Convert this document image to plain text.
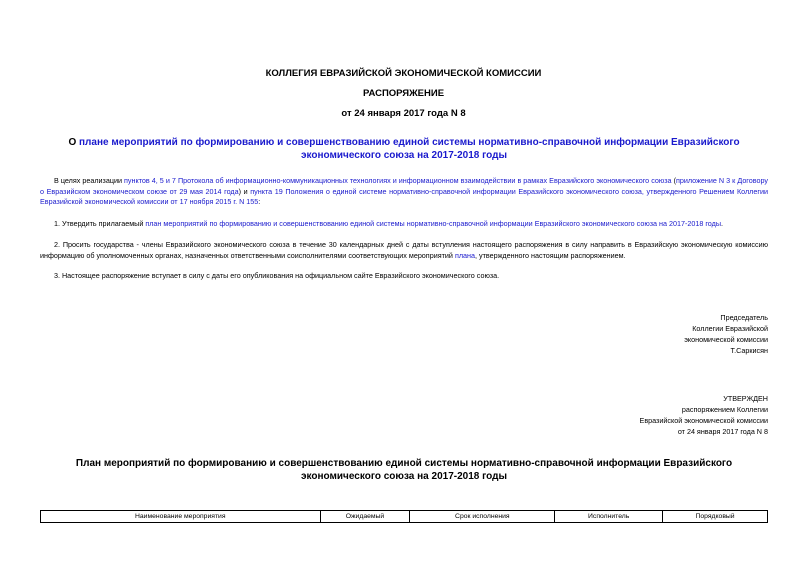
КОЛЛЕГИЯ ЕВРАЗИЙСКОЙ ЭКОНОМИЧЕСКОЙ КОМИССИИ
РАСПОРЯЖЕНИЕ
от 24 января 2017 года N 8
О плане мероприятий по формированию и совершенствованию единой системы нормативно-справочной информации Евразийского экономического союза на 2017-2018 годы
В целях реализации пунктов 4, 5 и 7 Протокола об информационно-коммуникационных технологиях и информационном взаимодействии в рамках Евразийского экономического союза (приложение N 3 к Договору о Евразийском экономическом союзе от 29 мая 2014 года) и пункта 19 Положения о единой системе нормативно-справочной информации Евразийского экономического союза, утвержденного Решением Коллегии Евразийской экономической комиссии от 17 ноября 2015 г. N 155:
1. Утвердить прилагаемый план мероприятий по формированию и совершенствованию единой системы нормативно-справочной информации Евразийского экономического союза на 2017-2018 годы.
2. Просить государства - члены Евразийского экономического союза в течение 30 календарных дней с даты вступления настоящего распоряжения в силу направить в Евразийскую экономическую комиссию информацию об уполномоченных органах, назначенных ответственными соисполнителями соответствующих мероприятий плана, утвержденного настоящим распоряжением.
3. Настоящее распоряжение вступает в силу с даты его опубликования на официальном сайте Евразийского экономического союза.
Председатель
Коллегии Евразийской
экономической комиссии
Т.Саркисян
УТВЕРЖДЕН
распоряжением Коллегии
Евразийской экономической комиссии
от 24 января 2017 года N 8
План мероприятий по формированию и совершенствованию единой системы нормативно-справочной информации Евразийского экономического союза на 2017-2018 годы
Наименование мероприятия	Ожидаемый	Срок исполнения	Исполнитель	Порядковый
